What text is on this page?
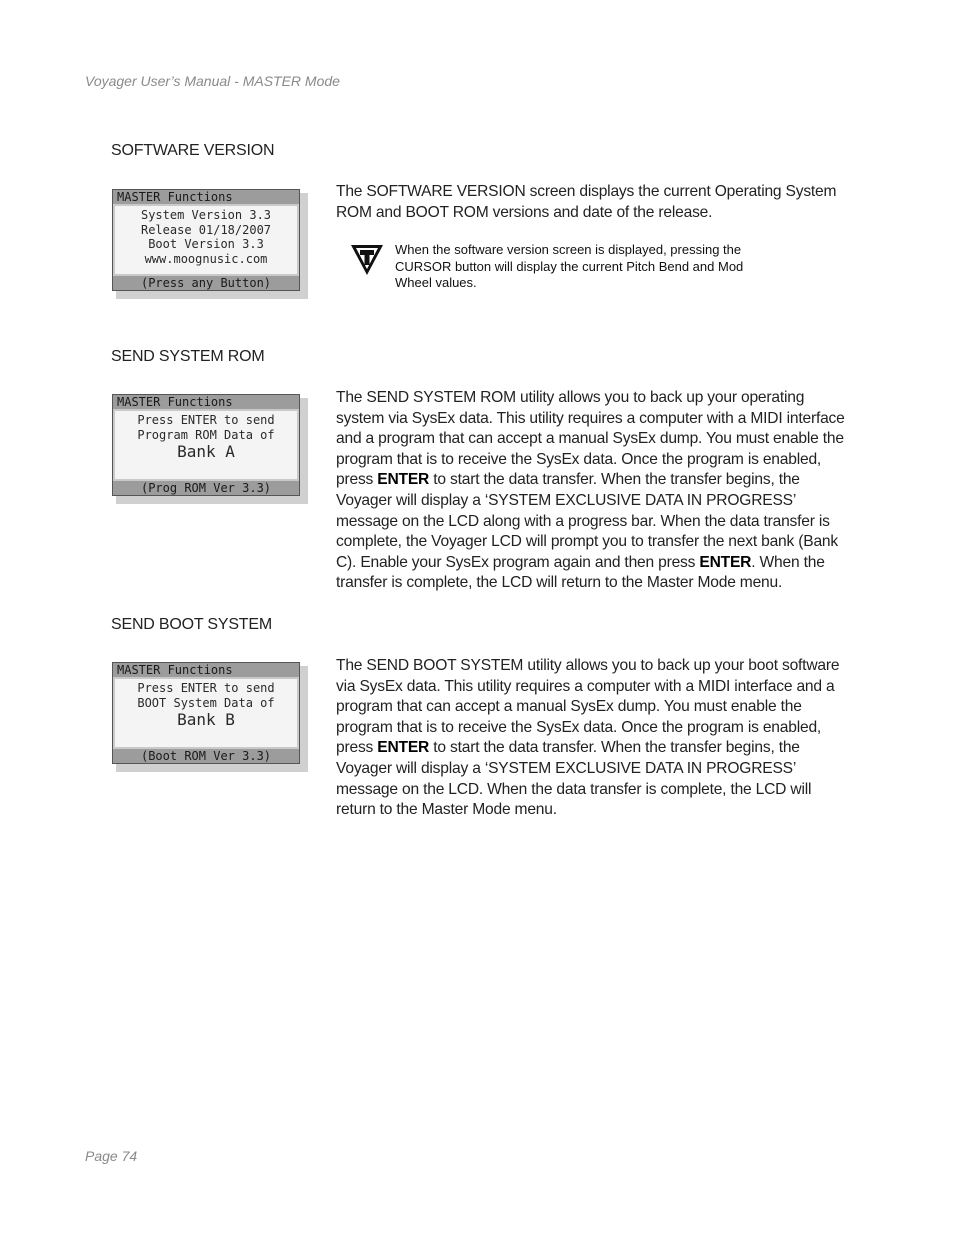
Voyager User’s Manual - MASTER Mode
SOFTWARE VERSION
MASTER Functions
System Version 3.3
Release 01/18/2007
Boot Version 3.3
www.moognusic.com
(Press any Button)
The SOFTWARE VERSION screen displays the current Operating System ROM and BOOT ROM versions and date of the release.
When the software version screen is displayed, pressing the CURSOR button will display the current Pitch Bend and Mod Wheel values.
SEND SYSTEM ROM
MASTER Functions
Press ENTER to send
Program ROM Data of
Bank A
(Prog ROM Ver 3.3)
The SEND SYSTEM ROM utility allows you to back up your operating system via SysEx data. This utility requires a computer with a MIDI interface and a program that can accept a manual SysEx dump. You must enable the program that is to receive the SysEx data. Once the program is enabled, press ENTER to start the data transfer. When the transfer begins, the Voyager will display a ‘SYSTEM EXCLUSIVE DATA IN PROGRESS’ message on the LCD along with a progress bar. When the data transfer is complete, the Voyager LCD will prompt you to transfer the next bank (Bank C). Enable your SysEx program again and then press ENTER. When the transfer is complete, the LCD will return to the Master Mode menu.
SEND BOOT SYSTEM
MASTER Functions
Press ENTER to send
BOOT System Data of
Bank B
(Boot ROM Ver 3.3)
The SEND BOOT SYSTEM utility allows you to back up your boot software via SysEx data. This utility requires a computer with a MIDI interface and a program that can accept a manual SysEx dump. You must enable the program that is to receive the SysEx data. Once the program is enabled, press ENTER to start the data transfer. When the transfer begins, the Voyager will display a ‘SYSTEM EXCLUSIVE DATA IN PROGRESS’ message on the LCD. When the data transfer is complete, the LCD will return to the Master Mode menu.
Page 74
